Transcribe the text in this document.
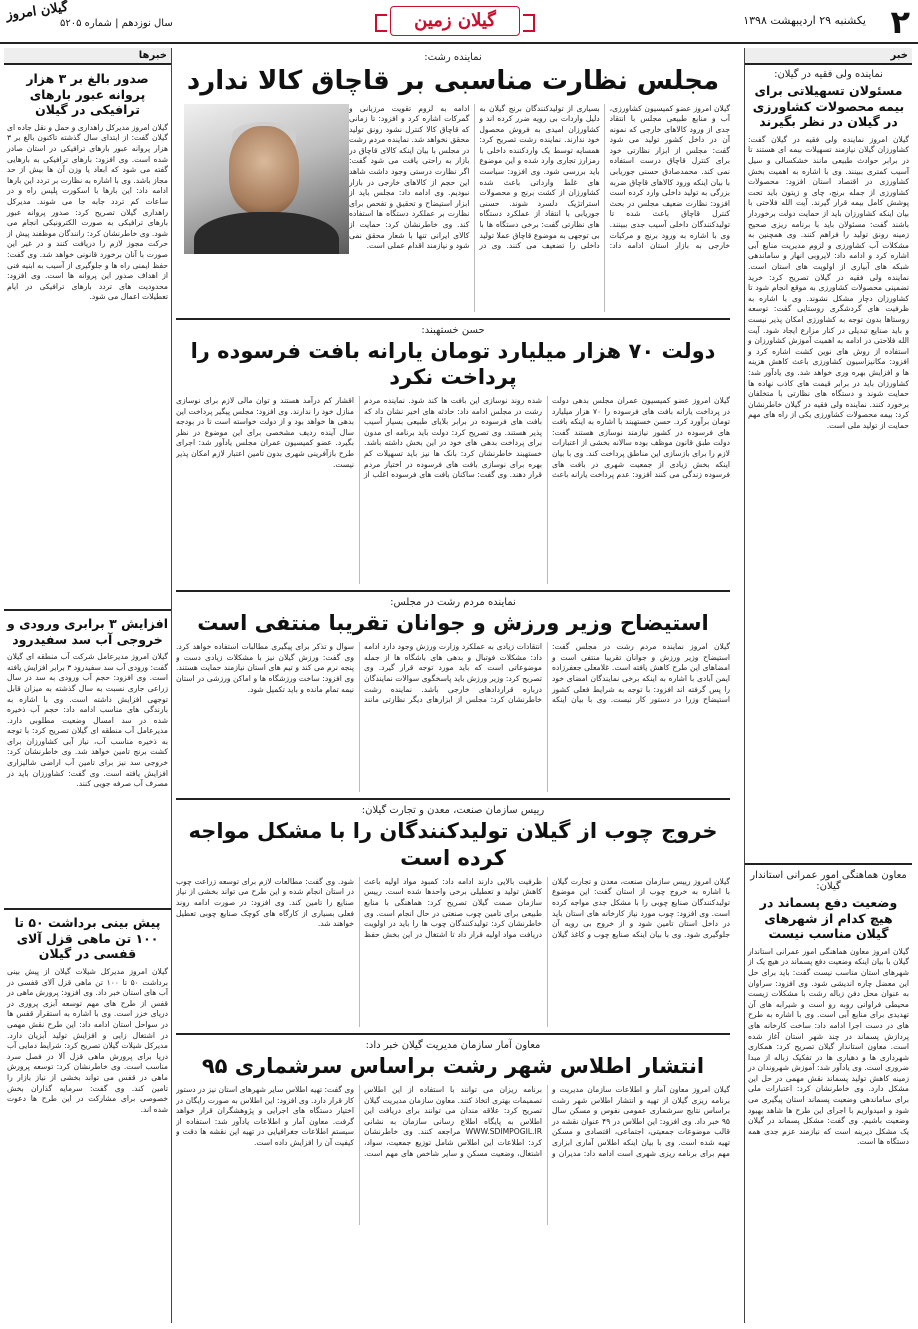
۲
یکشنبه ۲۹ اردیبهشت ۱۳۹۸
گیلان زمین
سال نوزدهم | شماره ۵۲۰۵
گیلان امروز
خبر
نماینده ولی فقیه در گیلان:
مسئولان تسهیلاتی برای بیمه محصولات کشاورزی در گیلان در نظر بگیرند
گیلان امروز نماینده ولی فقیه در گیلان گفت: کشاورزان گیلان نیازمند تسهیلات بیمه ای هستند تا در برابر حوادث طبیعی مانند خشکسالی و سیل آسیب کمتری ببینند. وی با اشاره به اهمیت بخش کشاورزی در اقتصاد استان افزود: محصولات کشاورزی از جمله برنج، چای و زیتون باید تحت پوشش کامل بیمه قرار گیرند. آیت الله فلاحتی با بیان اینکه کشاورزان باید از حمایت دولت برخوردار باشند گفت: مسئولان باید با برنامه ریزی صحیح زمینه رونق تولید را فراهم کنند. وی همچنین به مشکلات آب کشاورزی و لزوم مدیریت منابع آبی اشاره کرد و ادامه داد: لایروبی انهار و ساماندهی شبکه های آبیاری از اولویت های استان است. نماینده ولی فقیه در گیلان تصریح کرد: خرید تضمینی محصولات کشاورزی به موقع انجام شود تا کشاورزان دچار مشکل نشوند. وی با اشاره به ظرفیت های گردشگری روستایی گفت: توسعه روستاها بدون توجه به کشاورزی امکان پذیر نیست و باید صنایع تبدیلی در کنار مزارع ایجاد شود. آیت الله فلاحتی در ادامه به اهمیت آموزش کشاورزان و استفاده از روش های نوین کشت اشاره کرد و افزود: مکانیزاسیون کشاورزی باعث کاهش هزینه ها و افزایش بهره وری خواهد شد. وی یادآور شد: کشاورزان باید در برابر قیمت های کاذب نهاده ها حمایت شوند و دستگاه های نظارتی با متخلفان برخورد کنند. نماینده ولی فقیه در گیلان خاطرنشان کرد: بیمه محصولات کشاورزی یکی از راه های مهم حمایت از تولید ملی است.
معاون هماهنگی امور عمرانی استاندار گیلان:
وضعیت دفع پسماند در هیچ کدام از شهرهای گیلان مناسب نیست
گیلان امروز معاون هماهنگی امور عمرانی استاندار گیلان با بیان اینکه وضعیت دفع پسماند در هیچ یک از شهرهای استان مناسب نیست گفت: باید برای حل این معضل چاره اندیشی شود. وی افزود: سراوان به عنوان محل دفن زباله رشت با مشکلات زیست محیطی فراوانی روبه رو است و شیرابه های آن تهدیدی برای منابع آبی است. وی با اشاره به طرح های در دست اجرا ادامه داد: ساخت کارخانه های پردازش پسماند در چند شهر استان آغاز شده است. معاون استاندار گیلان تصریح کرد: همکاری شهرداری ها و دهیاری ها در تفکیک زباله از مبدا ضروری است. وی یادآور شد: آموزش شهروندان در زمینه کاهش تولید پسماند نقش مهمی در حل این مشکل دارد. وی خاطرنشان کرد: اعتبارات ملی برای ساماندهی وضعیت پسماند استان پیگیری می شود و امیدواریم با اجرای این طرح ها شاهد بهبود وضعیت باشیم. وی گفت: مشکل پسماند در گیلان یک مشکل دیرینه است که نیازمند عزم جدی همه دستگاه ها است.
نماینده رشت:
مجلس نظارت مناسبی بر قاچاق کالا ندارد
گیلان امروز عضو کمیسیون کشاورزی، آب و منابع طبیعی مجلس با انتقاد جدی از ورود کالاهای خارجی که نمونه آن در داخل کشور تولید می شود گفت: مجلس از ابزار نظارتی خود برای کنترل قاچاق درست استفاده نمی کند. محمدصادق حسنی جوریابی با بیان اینکه ورود کالاهای قاچاق ضربه بزرگی به تولید داخلی وارد کرده است افزود: نظارت ضعیف مجلس در بحث کنترل قاچاق باعث شده تا تولیدکنندگان داخلی آسیب جدی ببینند. وی با اشاره به ورود برنج و مرکبات خارجی به بازار استان ادامه داد: بسیاری از تولیدکنندگان برنج گیلان به دلیل واردات بی رویه ضرر کرده اند و کشاورزان امیدی به فروش محصول خود ندارند. نماینده رشت تصریح کرد: همسایه توسط یک واردکننده داخلی با رمزارز تجاری وارد شده و این موضوع باید بررسی شود. وی افزود: سیاست های غلط وارداتی باعث شده کشاورزان از کشت برنج و محصولات استراتژیک دلسرد شوند. حسنی جوریابی با انتقاد از عملکرد دستگاه های نظارتی گفت: برخی دستگاه ها با بی توجهی به موضوع قاچاق عملا تولید داخلی را تضعیف می کنند. وی در ادامه به لزوم تقویت مرزبانی و گمرکات اشاره کرد و افزود: تا زمانی که قاچاق کالا کنترل نشود رونق تولید محقق نخواهد شد. نماینده مردم رشت در مجلس با بیان اینکه کالای قاچاق در بازار به راحتی یافت می شود گفت: اگر نظارت درستی وجود داشت شاهد این حجم از کالاهای خارجی در بازار نبودیم. وی ادامه داد: مجلس باید از ابزار استیضاح و تحقیق و تفحص برای نظارت بر عملکرد دستگاه ها استفاده کند. وی خاطرنشان کرد: حمایت از کالای ایرانی تنها با شعار محقق نمی شود و نیازمند اقدام عملی است.
حسن خستهبند:
دولت ۷۰ هزار میلیارد تومان یارانه بافت فرسوده را پرداخت نکرد
گیلان امروز عضو کمیسیون عمران مجلس بدهی دولت در پرداخت یارانه بافت های فرسوده را ۷۰ هزار میلیارد تومان برآورد کرد. حسن خستهبند با اشاره به اینکه بافت های فرسوده در کشور نیازمند نوسازی هستند گفت: دولت طبق قانون موظف بوده سالانه بخشی از اعتبارات لازم را برای بازسازی این مناطق پرداخت کند. وی با بیان اینکه بخش زیادی از جمعیت شهری در بافت های فرسوده زندگی می کنند افزود: عدم پرداخت یارانه باعث شده روند نوسازی این بافت ها کند شود. نماینده مردم رشت در مجلس ادامه داد: حادثه های اخیر نشان داد که بافت های فرسوده در برابر بلایای طبیعی بسیار آسیب پذیر هستند. وی تصریح کرد: دولت باید برنامه ای مدون برای پرداخت بدهی های خود در این بخش داشته باشد. خستهبند خاطرنشان کرد: بانک ها نیز باید تسهیلات کم بهره برای نوسازی بافت های فرسوده در اختیار مردم قرار دهند. وی گفت: ساکنان بافت های فرسوده اغلب از اقشار کم درآمد هستند و توان مالی لازم برای نوسازی منازل خود را ندارند. وی افزود: مجلس پیگیر پرداخت این بدهی ها خواهد بود و از دولت خواسته است تا در بودجه سال آینده ردیف مشخصی برای این موضوع در نظر بگیرد. عضو کمیسیون عمران مجلس یادآور شد: اجرای طرح بازآفرینی شهری بدون تامین اعتبار لازم امکان پذیر نیست.
نماینده مردم رشت در مجلس:
استیضاح وزیر ورزش و جوانان تقریبا منتفی است
گیلان امروز نماینده مردم رشت در مجلس گفت: استیضاح وزیر ورزش و جوانان تقریبا منتفی است و امضاهای این طرح کاهش یافته است. غلامعلی جعفرزاده ایمن آبادی با اشاره به اینکه برخی نمایندگان امضای خود را پس گرفته اند افزود: با توجه به شرایط فعلی کشور استیضاح وزرا در دستور کار نیست. وی با بیان اینکه انتقادات زیادی به عملکرد وزارت ورزش وجود دارد ادامه داد: مشکلات فوتبال و بدهی های باشگاه ها از جمله موضوعاتی است که باید مورد توجه قرار گیرد. وی تصریح کرد: وزیر ورزش باید پاسخگوی سوالات نمایندگان درباره قراردادهای خارجی باشد. نماینده رشت خاطرنشان کرد: مجلس از ابزارهای دیگر نظارتی مانند سوال و تذکر برای پیگیری مطالبات استفاده خواهد کرد. وی گفت: ورزش گیلان نیز با مشکلات زیادی دست و پنجه نرم می کند و تیم های استان نیازمند حمایت هستند. وی افزود: ساخت ورزشگاه ها و اماکن ورزشی در استان نیمه تمام مانده و باید تکمیل شود.
رییس سازمان صنعت، معدن و تجارت گیلان:
خروج چوب از گیلان تولیدکنندگان را با مشکل مواجه کرده است
گیلان امروز رییس سازمان صنعت، معدن و تجارت گیلان با اشاره به خروج چوب از استان گفت: این موضوع تولیدکنندگان صنایع چوبی را با مشکل جدی مواجه کرده است. وی افزود: چوب مورد نیاز کارخانه های استان باید در داخل استان تامین شود و از خروج بی رویه آن جلوگیری شود. وی با بیان اینکه صنایع چوب و کاغذ گیلان ظرفیت بالایی دارند ادامه داد: کمبود مواد اولیه باعث کاهش تولید و تعطیلی برخی واحدها شده است. رییس سازمان صمت گیلان تصریح کرد: هماهنگی با منابع طبیعی برای تامین چوب صنعتی در حال انجام است. وی خاطرنشان کرد: تولیدکنندگان چوب ها را باید در اولویت دریافت مواد اولیه قرار داد تا اشتغال در این بخش حفظ شود. وی گفت: مطالعات لازم برای توسعه زراعت چوب در استان انجام شده و این طرح می تواند بخشی از نیاز صنایع را تامین کند. وی افزود: در صورت ادامه روند فعلی بسیاری از کارگاه های کوچک صنایع چوبی تعطیل خواهند شد.
معاون آمار سازمان مدیریت گیلان خبر داد:
انتشار اطلاس شهر رشت براساس سرشماری ۹۵
گیلان امروز معاون آمار و اطلاعات سازمان مدیریت و برنامه ریزی گیلان از تهیه و انتشار اطلاس شهر رشت براساس نتایج سرشماری عمومی نفوس و مسکن سال ۹۵ خبر داد. وی افزود: این اطلاس در ۴۹ عنوان نقشه در قالب موضوعات جمعیتی، اجتماعی، اقتصادی و مسکن تهیه شده است. وی با بیان اینکه اطلاس آماری ابزاری مهم برای برنامه ریزی شهری است ادامه داد: مدیران و برنامه ریزان می توانند با استفاده از این اطلاس تصمیمات بهتری اتخاذ کنند. معاون سازمان مدیریت گیلان تصریح کرد: علاقه مندان می توانند برای دریافت این اطلاس به پایگاه اطلاع رسانی سازمان به نشانی WWW.SDIMPOGIL.IR مراجعه کنند. وی خاطرنشان کرد: اطلاعات این اطلاس شامل توزیع جمعیت، سواد، اشتغال، وضعیت مسکن و سایر شاخص های مهم است. وی گفت: تهیه اطلاس سایر شهرهای استان نیز در دستور کار قرار دارد. وی افزود: این اطلاس به صورت رایگان در اختیار دستگاه های اجرایی و پژوهشگران قرار خواهد گرفت. معاون آمار و اطلاعات یادآور شد: استفاده از سیستم اطلاعات جغرافیایی در تهیه این نقشه ها دقت و کیفیت آن را افزایش داده است.
خبرها
صدور بالغ بر ۳ هزار پروانه عبور بارهای ترافیکی در گیلان
گیلان امروز مدیرکل راهداری و حمل و نقل جاده ای گیلان گفت: از ابتدای سال گذشته تاکنون بالغ بر ۳ هزار پروانه عبور بارهای ترافیکی در استان صادر شده است. وی افزود: بارهای ترافیکی به بارهایی گفته می شود که ابعاد یا وزن آن ها بیش از حد مجاز باشد. وی با اشاره به نظارت بر تردد این بارها ادامه داد: این بارها با اسکورت پلیس راه و در ساعات کم تردد جابه جا می شوند. مدیرکل راهداری گیلان تصریح کرد: صدور پروانه عبور بارهای ترافیکی به صورت الکترونیکی انجام می شود. وی خاطرنشان کرد: رانندگان موظفند پیش از حرکت مجوز لازم را دریافت کنند و در غیر این صورت با آنان برخورد قانونی خواهد شد. وی گفت: حفظ ایمنی راه ها و جلوگیری از آسیب به ابنیه فنی از اهداف صدور این پروانه ها است. وی افزود: محدودیت های تردد بارهای ترافیکی در ایام تعطیلات اعمال می شود.
افزایش ۳ برابری ورودی و خروجی آب سد سفیدرود
گیلان امروز مدیرعامل شرکت آب منطقه ای گیلان گفت: ورودی آب سد سفیدرود ۳ برابر افزایش یافته است. وی افزود: حجم آب ورودی به سد در سال زراعی جاری نسبت به سال گذشته به میزان قابل توجهی افزایش داشته است. وی با اشاره به بارندگی های مناسب ادامه داد: حجم آب ذخیره شده در سد امسال وضعیت مطلوبی دارد. مدیرعامل آب منطقه ای گیلان تصریح کرد: با توجه به ذخیره مناسب آب، نیاز آبی کشاورزان برای کشت برنج تامین خواهد شد. وی خاطرنشان کرد: خروجی سد نیز برای تامین آب اراضی شالیزاری افزایش یافته است. وی گفت: کشاورزان باید در مصرف آب صرفه جویی کنند.
پیش بینی برداشت ۵۰ تا ۱۰۰ تن ماهی قزل آلای قفسی در گیلان
گیلان امروز مدیرکل شیلات گیلان از پیش بینی برداشت ۵۰ تا ۱۰۰ تن ماهی قزل آلای قفسی در آب های استان خبر داد. وی افزود: پرورش ماهی در قفس از طرح های مهم توسعه آبزی پروری در دریای خزر است. وی با اشاره به استقرار قفس ها در سواحل استان ادامه داد: این طرح نقش مهمی در اشتغال زایی و افزایش تولید آبزیان دارد. مدیرکل شیلات گیلان تصریح کرد: شرایط دمایی آب دریا برای پرورش ماهی قزل آلا در فصل سرد مناسب است. وی خاطرنشان کرد: توسعه پرورش ماهی در قفس می تواند بخشی از نیاز بازار را تامین کند. وی گفت: سرمایه گذاران بخش خصوصی برای مشارکت در این طرح ها دعوت شده اند.
